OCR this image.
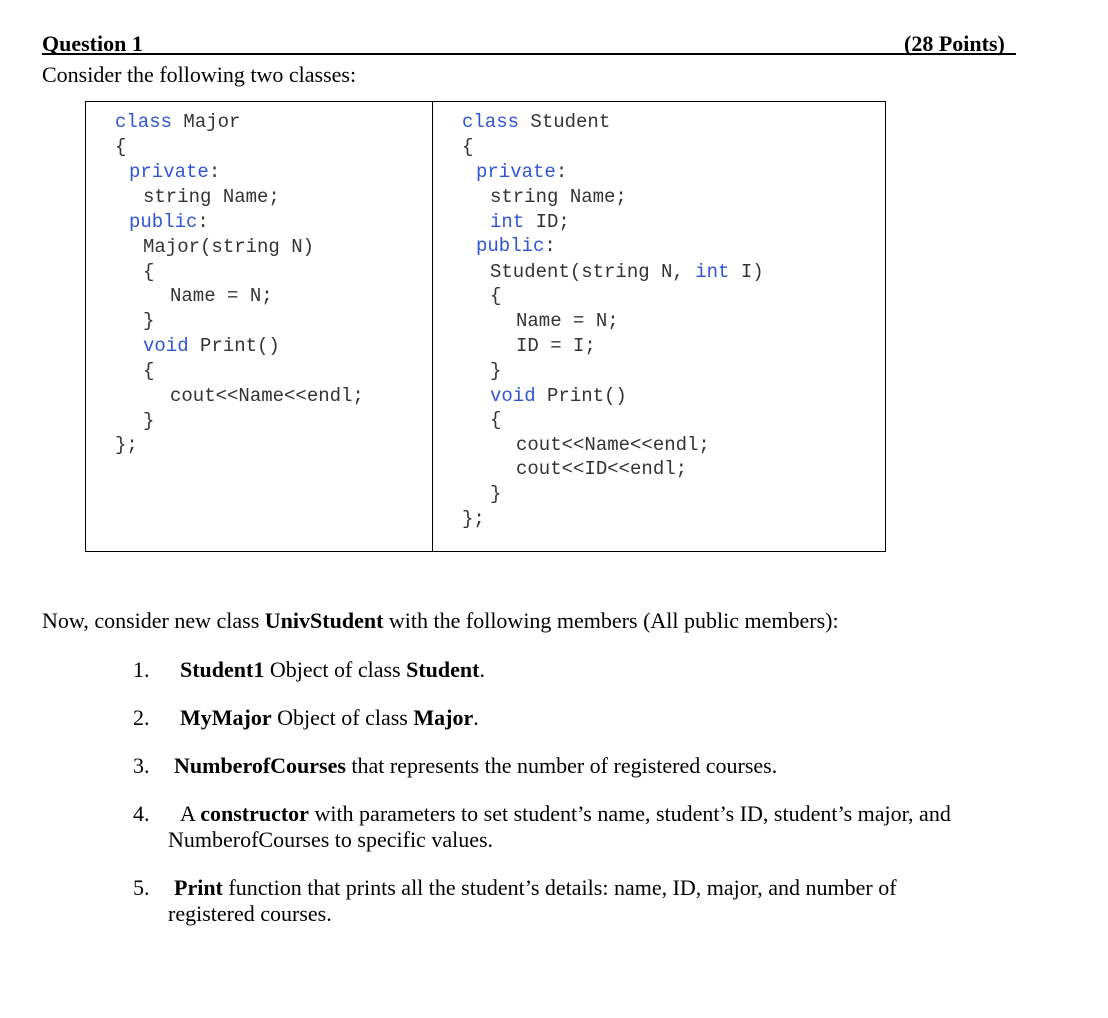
Question 1	(28 Points)
Consider the following two classes:
class Major
{
private:
string Name;
public:
Major(string N)
{
Name = N;
}
void Print()
{
cout<<Name<<endl;
}
};
class Student
{
private:
string Name;
int ID;
public:
Student(string N, int I)
{
Name = N;
ID = I;
}
void Print()
{
cout<<Name<<endl;
cout<<ID<<endl;
}
};
Now, consider new class UnivStudent with the following members (All public members):
1. Student1 Object of class Student.
2. MyMajor Object of class Major.
3. NumberofCourses that represents the number of registered courses.
4. A constructor with parameters to set student’s name, student’s ID, student’s major, and
NumberofCourses to specific values.
5. Print function that prints all the student’s details: name, ID, major, and number of
registered courses.
